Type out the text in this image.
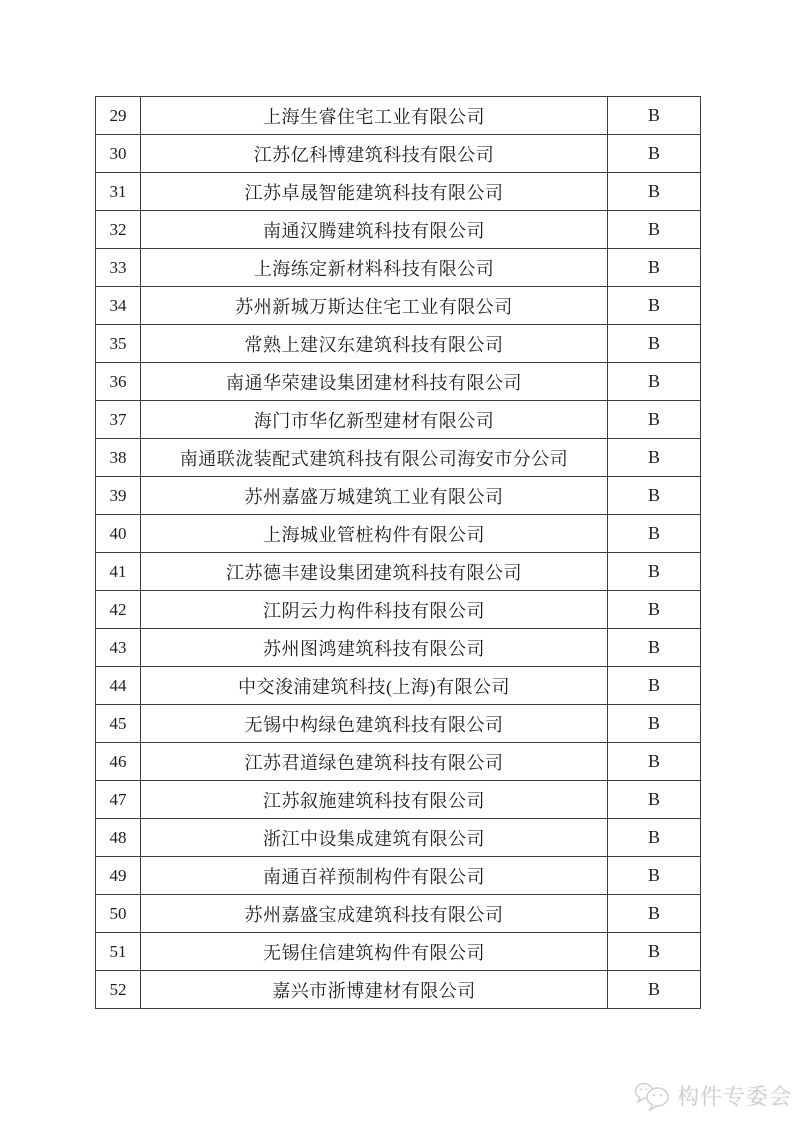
29	上海生睿住宅工业有限公司	B
30	江苏亿科博建筑科技有限公司	B
31	江苏卓晟智能建筑科技有限公司	B
32	南通汉腾建筑科技有限公司	B
33	上海练定新材料科技有限公司	B
34	苏州新城万斯达住宅工业有限公司	B
35	常熟上建汉东建筑科技有限公司	B
36	南通华荣建设集团建材科技有限公司	B
37	海门市华亿新型建材有限公司	B
38	南通联泷装配式建筑科技有限公司海安市分公司	B
39	苏州嘉盛万城建筑工业有限公司	B
40	上海城业管桩构件有限公司	B
41	江苏德丰建设集团建筑科技有限公司	B
42	江阴云力构件科技有限公司	B
43	苏州图鸿建筑科技有限公司	B
44	中交浚浦建筑科技(上海)有限公司	B
45	无锡中构绿色建筑科技有限公司	B
46	江苏君道绿色建筑科技有限公司	B
47	江苏叙施建筑科技有限公司	B
48	浙江中设集成建筑有限公司	B
49	南通百祥预制构件有限公司	B
50	苏州嘉盛宝成建筑科技有限公司	B
51	无锡住信建筑构件有限公司	B
52	嘉兴市浙博建材有限公司	B
构件专委会
